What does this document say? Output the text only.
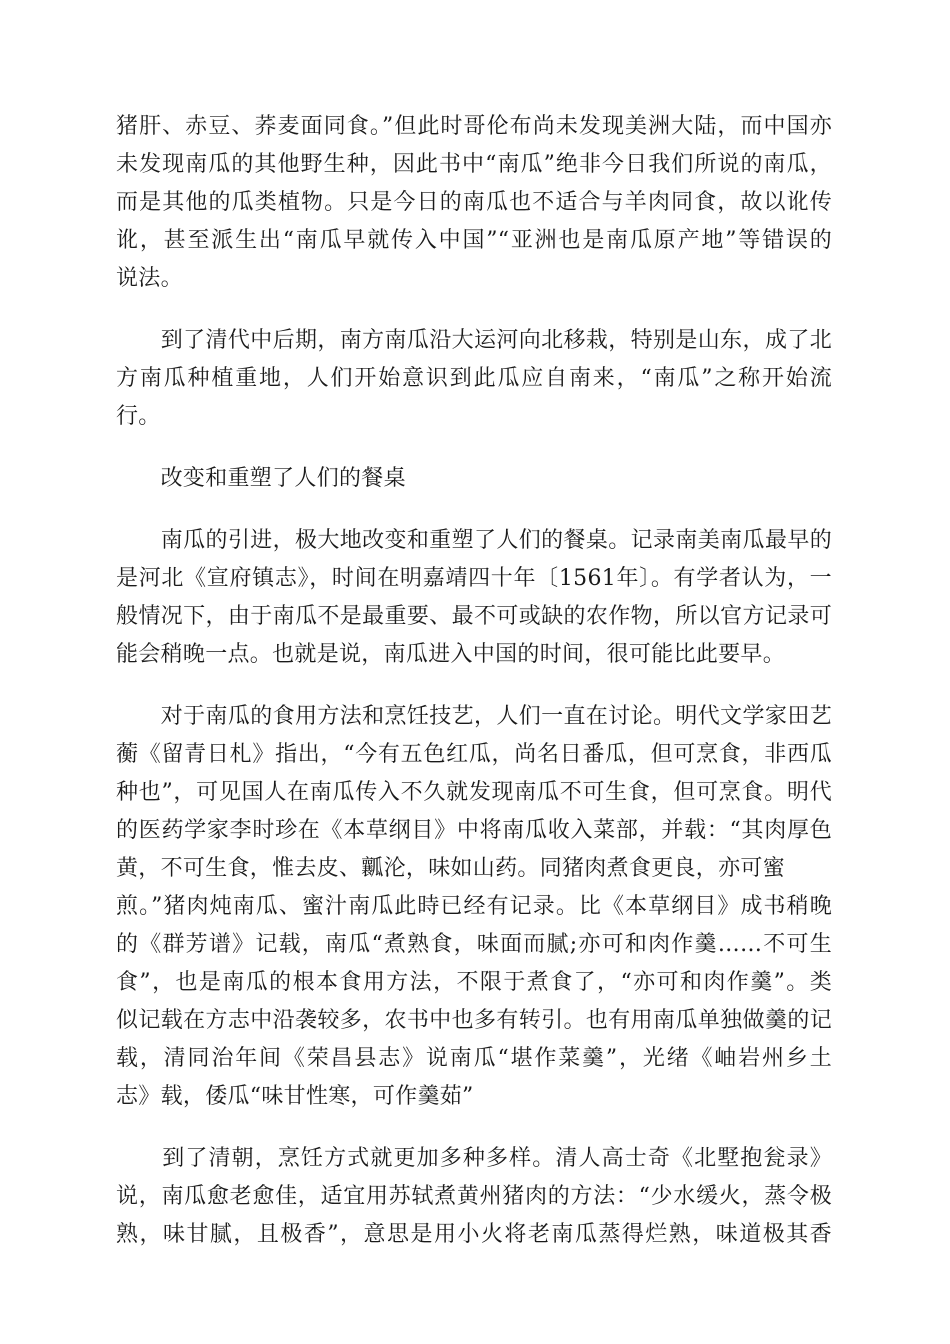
猪肝、赤豆、荞麦面同食。”但此时哥伦布尚未发现美洲大陆，而中国亦
未发现南瓜的其他野生种，因此书中“南瓜”绝非今日我们所说的南瓜，
而是其他的瓜类植物。只是今日的南瓜也不适合与羊肉同食，故以讹传
讹，甚至派生出“南瓜早就传入中国”“亚洲也是南瓜原产地”等错误的
说法。
　　到了清代中后期，南方南瓜沿大运河向北移栽，特别是山东，成了北
方南瓜种植重地，人们开始意识到此瓜应自南来，“南瓜”之称开始流
行。
　　改变和重塑了人们的餐桌
　　南瓜的引进，极大地改变和重塑了人们的餐桌。记录南美南瓜最早的
是河北《宣府镇志》，时间在明嘉靖四十年〔1561年〕。有学者认为，一
般情况下，由于南瓜不是最重要、最不可或缺的农作物，所以官方记录可
能会稍晚一点。也就是说，南瓜进入中国的时间，很可能比此要早。
　　对于南瓜的食用方法和烹饪技艺，人们一直在讨论。明代文学家田艺
蘅《留青日札》指出，“今有五色红瓜，尚名日番瓜，但可烹食，非西瓜
种也”，可见国人在南瓜传入不久就发现南瓜不可生食，但可烹食。明代
的医药学家李时珍在《本草纲目》中将南瓜收入菜部，并载：“其肉厚色
黄，不可生食，惟去皮、瓤沦，味如山药。同猪肉煮食更良，亦可蜜
煎。”猪肉炖南瓜、蜜汁南瓜此時已经有记录。比《本草纲目》成书稍晚
的《群芳谱》记载，南瓜“煮熟食，味面而腻;亦可和肉作羹……不可生
食”，也是南瓜的根本食用方法，不限于煮食了，“亦可和肉作羹”。类
似记载在方志中沿袭较多，农书中也多有转引。也有用南瓜单独做羹的记
载，清同治年间《荣昌县志》说南瓜“堪作菜羹”，光绪《岫岩州乡土
志》载，倭瓜“味甘性寒，可作羹茹”
　　到了清朝，烹饪方式就更加多种多样。清人高士奇《北墅抱瓮录》
说，南瓜愈老愈佳，适宜用苏轼煮黄州猪肉的方法：“少水缓火，蒸令极
熟，味甘腻，且极香”，意思是用小火将老南瓜蒸得烂熟，味道极其香
